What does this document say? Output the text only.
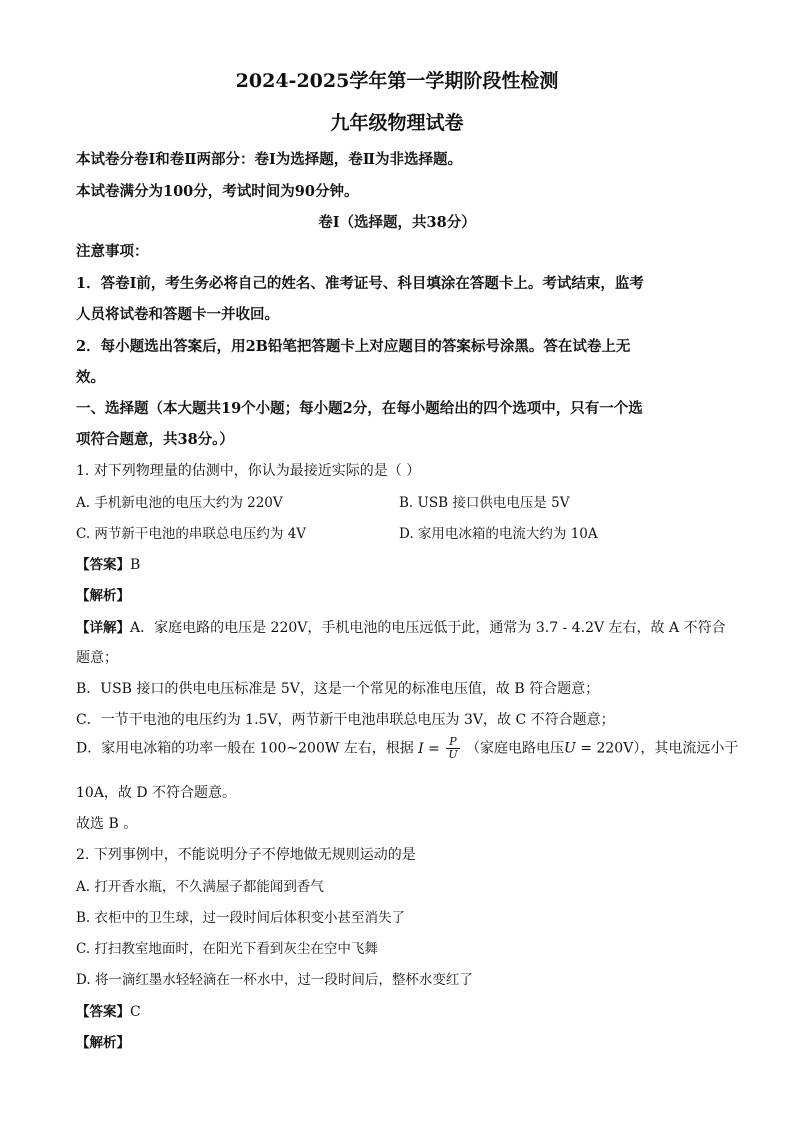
2024-2025学年第一学期阶段性检测
九年级物理试卷
本试卷分卷Ⅰ和卷Ⅱ两部分：卷Ⅰ为选择题，卷Ⅱ为非选择题。
本试卷满分为100分，考试时间为90分钟。
卷Ⅰ（选择题，共38分）
注意事项：
1．答卷Ⅰ前，考生务必将自己的姓名、准考证号、科目填涂在答题卡上。考试结束，监考
人员将试卷和答题卡一并收回。
2．每小题选出答案后，用2B铅笔把答题卡上对应题目的答案标号涂黑。答在试卷上无
效。
一、选择题（本大题共19个小题；每小题2分，在每小题给出的四个选项中，只有一个选
项符合题意，共38分。）
1. 对下列物理量的估测中，你认为最接近实际的是（ ）
A. 手机新电池的电压大约为 220V	B. USB 接口供电电压是 5V
C. 两节新干电池的串联总电压约为 4V	D. 家用电冰箱的电流大约为 10A
【答案】B
【解析】
【详解】A．家庭电路的电压是 220V，手机电池的电压远低于此，通常为 3.7 - 4.2V 左右，故 A 不符合
题意；
B．USB 接口的供电电压标准是 5V，这是一个常见的标准电压值，故 B 符合题意；
C．一节干电池的电压约为 1.5V，两节新干电池串联总电压为 3V，故 C 不符合题意；
D．家用电冰箱的功率一般在 100~200W 左右，根据 $I = \frac{P}{U}$ （家庭电路电压U = 220V），其电流远小于
10A，故 D 不符合题意。
故选 B 。
2. 下列事例中，不能说明分子不停地做无规则运动的是
A. 打开香水瓶，不久满屋子都能闻到香气
B. 衣柜中的卫生球，过一段时间后体积变小甚至消失了
C. 打扫教室地面时，在阳光下看到灰尘在空中飞舞
D. 将一滴红墨水轻轻滴在一杯水中，过一段时间后，整杯水变红了
【答案】C
【解析】
